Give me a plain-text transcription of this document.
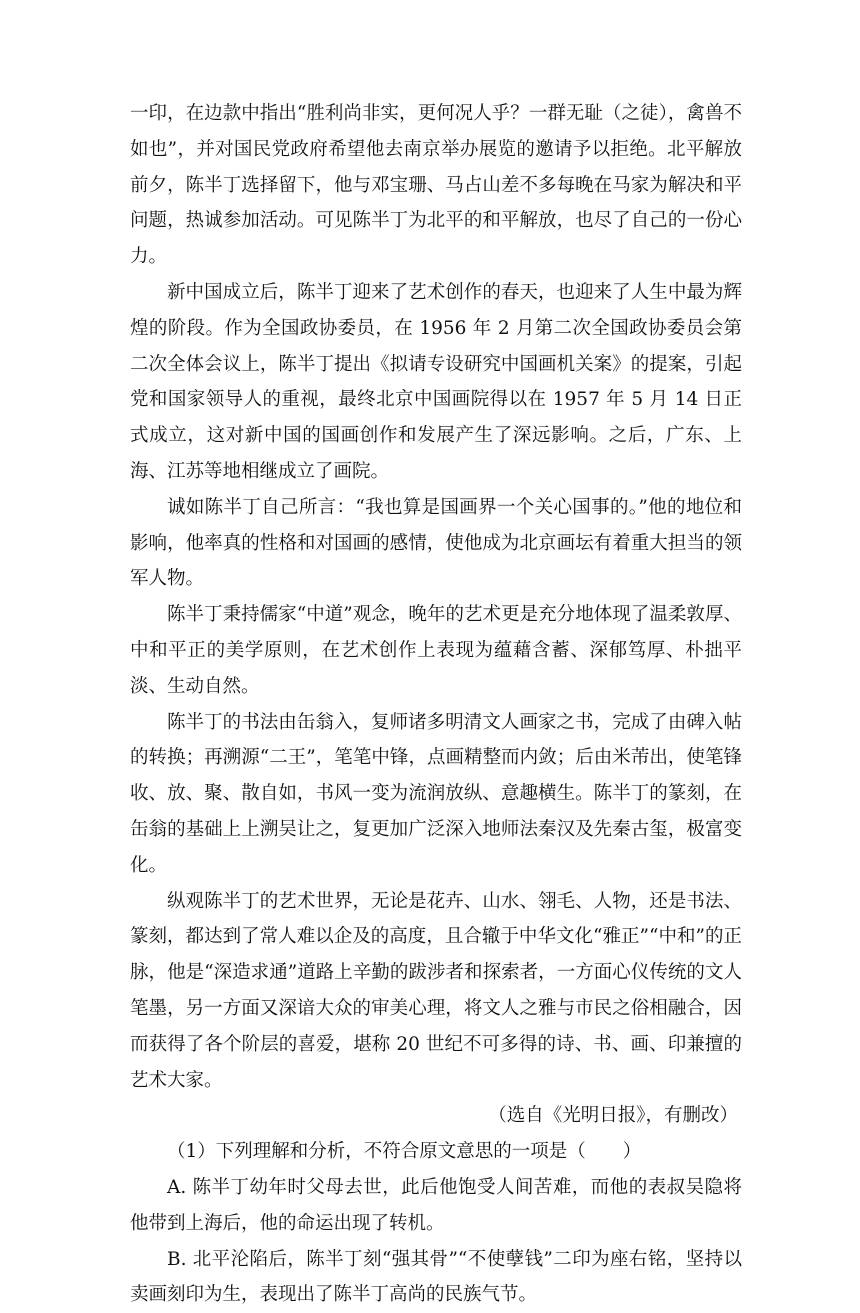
一印，在边款中指出“胜利尚非实，更何况人乎？一群无耻（之徒），禽兽不如也”，并对国民党政府希望他去南京举办展览的邀请予以拒绝。北平解放前夕，陈半丁选择留下，他与邓宝珊、马占山差不多每晚在马家为解决和平问题，热诚参加活动。可见陈半丁为北平的和平解放，也尽了自己的一份心力。

新中国成立后，陈半丁迎来了艺术创作的春天，也迎来了人生中最为辉煌的阶段。作为全国政协委员，在 1956 年 2 月第二次全国政协委员会第二次全体会议上，陈半丁提出《拟请专设研究中国画机关案》的提案，引起党和国家领导人的重视，最终北京中国画院得以在 1957 年 5 月 14 日正式成立，这对新中国的国画创作和发展产生了深远影响。之后，广东、上海、江苏等地相继成立了画院。

诚如陈半丁自己所言：“我也算是国画界一个关心国事的。”他的地位和影响，他率真的性格和对国画的感情，使他成为北京画坛有着重大担当的领军人物。

陈半丁秉持儒家“中道”观念，晚年的艺术更是充分地体现了温柔敦厚、中和平正的美学原则，在艺术创作上表现为蕴藉含蓄、深郁笃厚、朴拙平淡、生动自然。

陈半丁的书法由缶翁入，复师诸多明清文人画家之书，完成了由碑入帖的转换；再溯源“二王”，笔笔中锋，点画精整而内敛；后由米芾出，使笔锋收、放、聚、散自如，书风一变为流润放纵、意趣横生。陈半丁的篆刻，在缶翁的基础上上溯吴让之，复更加广泛深入地师法秦汉及先秦古玺，极富变化。

纵观陈半丁的艺术世界，无论是花卉、山水、翎毛、人物，还是书法、篆刻，都达到了常人难以企及的高度，且合辙于中华文化“雅正”“中和”的正脉，他是“深造求通”道路上辛勤的跋涉者和探索者，一方面心仪传统的文人笔墨，另一方面又深谙大众的审美心理，将文人之雅与市民之俗相融合，因而获得了各个阶层的喜爱，堪称 20 世纪不可多得的诗、书、画、印兼擅的艺术大家。

（选自《光明日报》，有删改）

（1）下列理解和分析，不符合原文意思的一项是（　　）

A. 陈半丁幼年时父母去世，此后他饱受人间苦难，而他的表叔吴隐将他带到上海后，他的命运出现了转机。

B. 北平沦陷后，陈半丁刻“强其骨”“不使孽钱”二印为座右铭，坚持以卖画刻印为生，表现出了陈半丁高尚的民族气节。
